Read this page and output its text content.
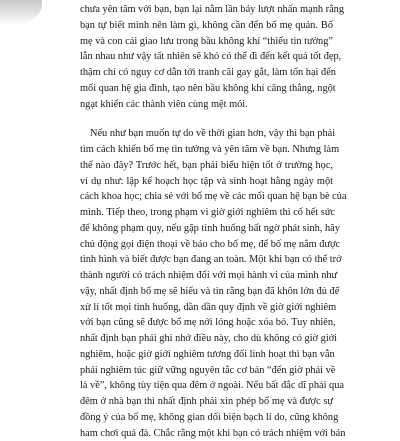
chưa yên tâm với bạn, bạn lại nằm lần bảy lượt nhấn mạnh rằng
bạn tự biết mình nên làm gì, không cần đến bố mẹ quản. Bố
mẹ và con cái giao lưu trong bầu không khí “thiếu tin tưởng”
lẫn nhau như vậy tất nhiên sẽ khó có thể đi đến kết quả tốt đẹp,
thậm chí có nguy cơ dẫn tới tranh cãi gay gắt, làm tổn hại đến
mối quan hệ gia đình, tạo nên bầu không khí căng thẳng, ngột
ngạt khiến các thành viên cùng mệt mỏi.
Nếu như bạn muốn tự do về thời gian hơn, vậy thì bạn phải
tìm cách khiến bố mẹ tin tưởng và yên tâm về bạn. Nhưng làm
thế nào đây? Trước hết, bạn phải biểu hiện tốt ở trường học,
ví dụ như: lập kế hoạch học tập và sinh hoạt hằng ngày một
cách khoa học; chia sẻ với bố mẹ về các mối quan hệ bạn bè của
mình. Tiếp theo, trong phạm vi giờ giới nghiêm thì cố hết sức
để không phạm quy, nếu gặp tình huống bất ngờ phát sinh, hãy
chủ động gọi điện thoại về báo cho bố mẹ, để bố mẹ nắm được
tình hình và biết được bạn đang an toàn. Một khi bạn có thể trở
thành người có trách nhiệm đối với mọi hành vi của mình như
vậy, nhất định bố mẹ sẽ hiểu và tin rằng bạn đã khôn lớn đủ để
xử lí tốt mọi tình huống, dần dần quy định về giờ giới nghiêm
với bạn cũng sẽ được bố mẹ nới lỏng hoặc xóa bỏ. Tuy nhiên,
nhất định bạn phải ghi nhớ điều này, cho dù không có giờ giới
nghiêm, hoặc giờ giới nghiêm tương đối linh hoạt thì bạn vẫn
phải nghiêm túc giữ vững nguyên tắc cơ bản “đến giờ phải về
là về”, không tùy tiện qua đêm ở ngoài. Nếu bất đắc dĩ phải qua
đêm ở nhà bạn thì nhất định phải xin phép bố mẹ và được sự
đồng ý của bố mẹ, không gian dối biện bạch lí do, cũng không
ham chơi quá đà. Chắc rằng một khi bạn có trách nhiệm với bản
